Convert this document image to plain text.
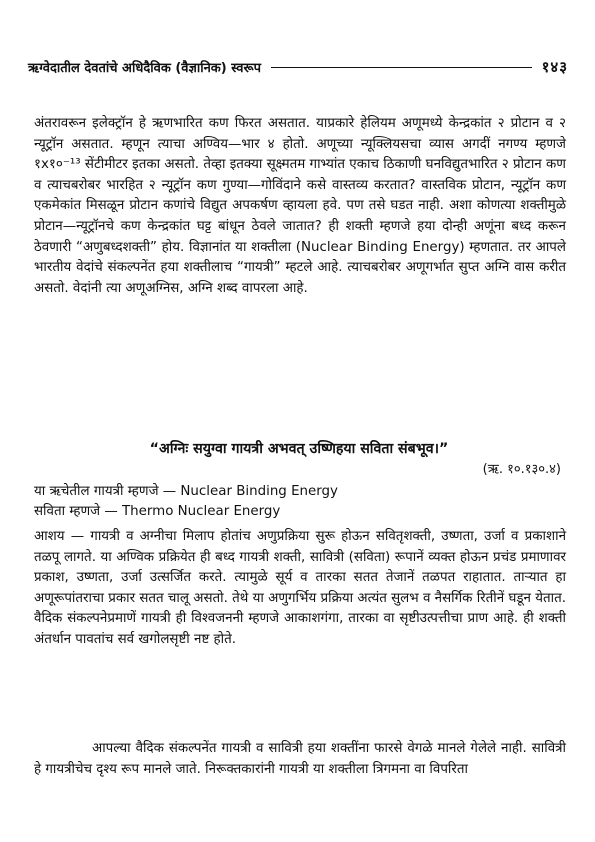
ऋग्वेदातील देवतांचे अधिदैविक (वैज्ञानिक) स्वरूप	१४३

अंतरावरून इलेक्ट्रॉन हे ऋणभारित कण फिरत असतात. याप्रकारे हेलियम अणूमध्ये केन्द्रकांत २ प्रोटान व २ न्यूट्रॉन असतात. म्हणून त्याचा अण्विय—भार ४ होतो. अणूच्या न्यूक्लियसचा व्यास अगदीं नगण्य म्हणजे १x१०⁻¹³ सेंटीमीटर इतका असतो. तेव्हा इतक्या सूक्ष्मतम गाभ्यांत एकाच ठिकाणी घनविद्युतभारित २ प्रोटान कण व त्याचबरोबर भारहित २ न्यूट्रॉन कण गुण्या—गोविंदाने कसे वास्तव्य करतात? वास्तविक प्रोटान, न्यूट्रॉन कण एकमेकांत मिसळून प्रोटान कणांचे विद्युत अपकर्षण व्हायला हवे. पण तसे घडत नाही. अशा कोणत्या शक्तीमुळे प्रोटान—न्यूट्रॉनचे कण केन्द्रकांत घट्ट बांधून ठेवले जातात? ही शक्ती म्हणजे हया दोन्ही अणूंना बध्द करून ठेवणारी “अणुबध्दशक्ती” होय. विज्ञानांत या शक्तीला (Nuclear Binding Energy) म्हणतात. तर आपले भारतीय वेदांचे संकल्पनेंत हया शक्तीलाच “गायत्री” म्हटले आहे. त्याचबरोबर अणूगर्भात सुप्त अग्नि वास करीत असतो. वेदांनी त्या अणूअग्निस, अग्नि शब्द वापरला आहे.

“अग्निः सयुग्वा गायत्री अभवत् उष्णिहया सविता संबभूव।”
(ऋ. १०.१३०.४)
या ऋचेतील गायत्री म्हणजे — Nuclear Binding Energy
सविता म्हणजे — Thermo Nuclear Energy

आशय — गायत्री व अग्नीचा मिलाप होतांच अणुप्रक्रिया सुरू होऊन सवितृशक्ती, उष्णता, उर्जा व प्रकाशाने तळपू लागते. या अण्विक प्रक्रियेत ही बध्द गायत्री शक्ती, सावित्री (सविता) रूपानें व्यक्त होऊन प्रचंड प्रमाणावर प्रकाश, उष्णता, उर्जा उत्सर्जित करते. त्यामुळे सूर्य व तारका सतत तेजानें तळपत राहातात. ताऱ्यात हा अणूरूपांतराचा प्रकार सतत चालू असतो. तेथे या अणुगर्भिय प्रक्रिया अत्यंत सुलभ व नैसर्गिक रितीनें घडून येतात. वैदिक संकल्पनेप्रमाणें गायत्री ही विश्वजननी म्हणजे आकाशगंगा, तारका वा सृष्टीउत्पत्तीचा प्राण आहे. ही शक्ती अंतर्धान पावतांच सर्व खगोलसृष्टी नष्ट होते.

आपल्या वैदिक संकल्पनेंत गायत्री व सावित्री हया शक्तींना फारसे वेगळे मानले गेलेले नाही. सावित्री हे गायत्रीचेच दृश्य रूप मानले जाते. निरूक्तकारांनी गायत्री या शक्तीला त्रिगमना वा विपरिता
